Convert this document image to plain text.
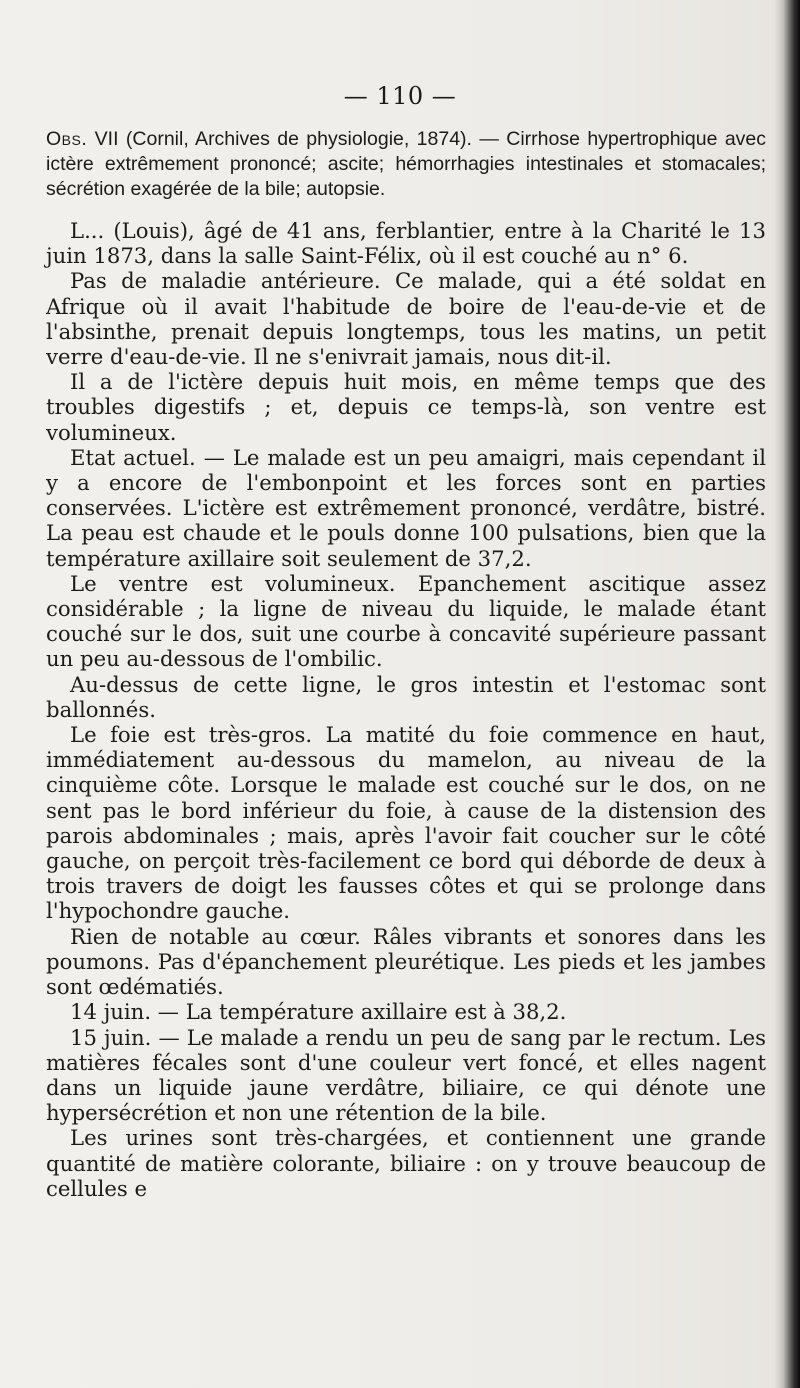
— 110 —

Obs. VII (Cornil, Archives de physiologie, 1874). — Cirrhose hypertrophique avec ictère extrêmement prononcé; ascite; hémorrhagies intestinales et stomacales; sécrétion exagérée de la bile; autopsie.

L... (Louis), âgé de 41 ans, ferblantier, entre à la Charité le 13 juin 1873, dans la salle Saint-Félix, où il est couché au n° 6.

Pas de maladie antérieure. Ce malade, qui a été soldat en Afrique où il avait l'habitude de boire de l'eau-de-vie et de l'absinthe, prenait depuis longtemps, tous les matins, un petit verre d'eau-de-vie. Il ne s'enivrait jamais, nous dit-il.

Il a de l'ictère depuis huit mois, en même temps que des troubles digestifs ; et, depuis ce temps-là, son ventre est volumineux.

Etat actuel. — Le malade est un peu amaigri, mais cependant il y a encore de l'embonpoint et les forces sont en parties conservées. L'ictère est extrêmement prononcé, verdâtre, bistré. La peau est chaude et le pouls donne 100 pulsations, bien que la température axillaire soit seulement de 37,2.

Le ventre est volumineux. Epanchement ascitique assez considérable ; la ligne de niveau du liquide, le malade étant couché sur le dos, suit une courbe à concavité supérieure passant un peu au-dessous de l'ombilic.

Au-dessus de cette ligne, le gros intestin et l'estomac sont ballonnés.

Le foie est très-gros. La matité du foie commence en haut, immédiatement au-dessous du mamelon, au niveau de la cinquième côte. Lorsque le malade est couché sur le dos, on ne sent pas le bord inférieur du foie, à cause de la distension des parois abdominales ; mais, après l'avoir fait coucher sur le côté gauche, on perçoit très-facilement ce bord qui déborde de deux à trois travers de doigt les fausses côtes et qui se prolonge dans l'hypochondre gauche.

Rien de notable au cœur. Râles vibrants et sonores dans les poumons. Pas d'épanchement pleurétique. Les pieds et les jambes sont œdématiés.

14 juin. — La température axillaire est à 38,2.

15 juin. — Le malade a rendu un peu de sang par le rectum. Les matières fécales sont d'une couleur vert foncé, et elles nagent dans un liquide jaune verdâtre, biliaire, ce qui dénote une hypersécrétion et non une rétention de la bile.

Les urines sont très-chargées, et contiennent une grande quantité de matière colorante, biliaire : on y trouve beaucoup de cellules e
